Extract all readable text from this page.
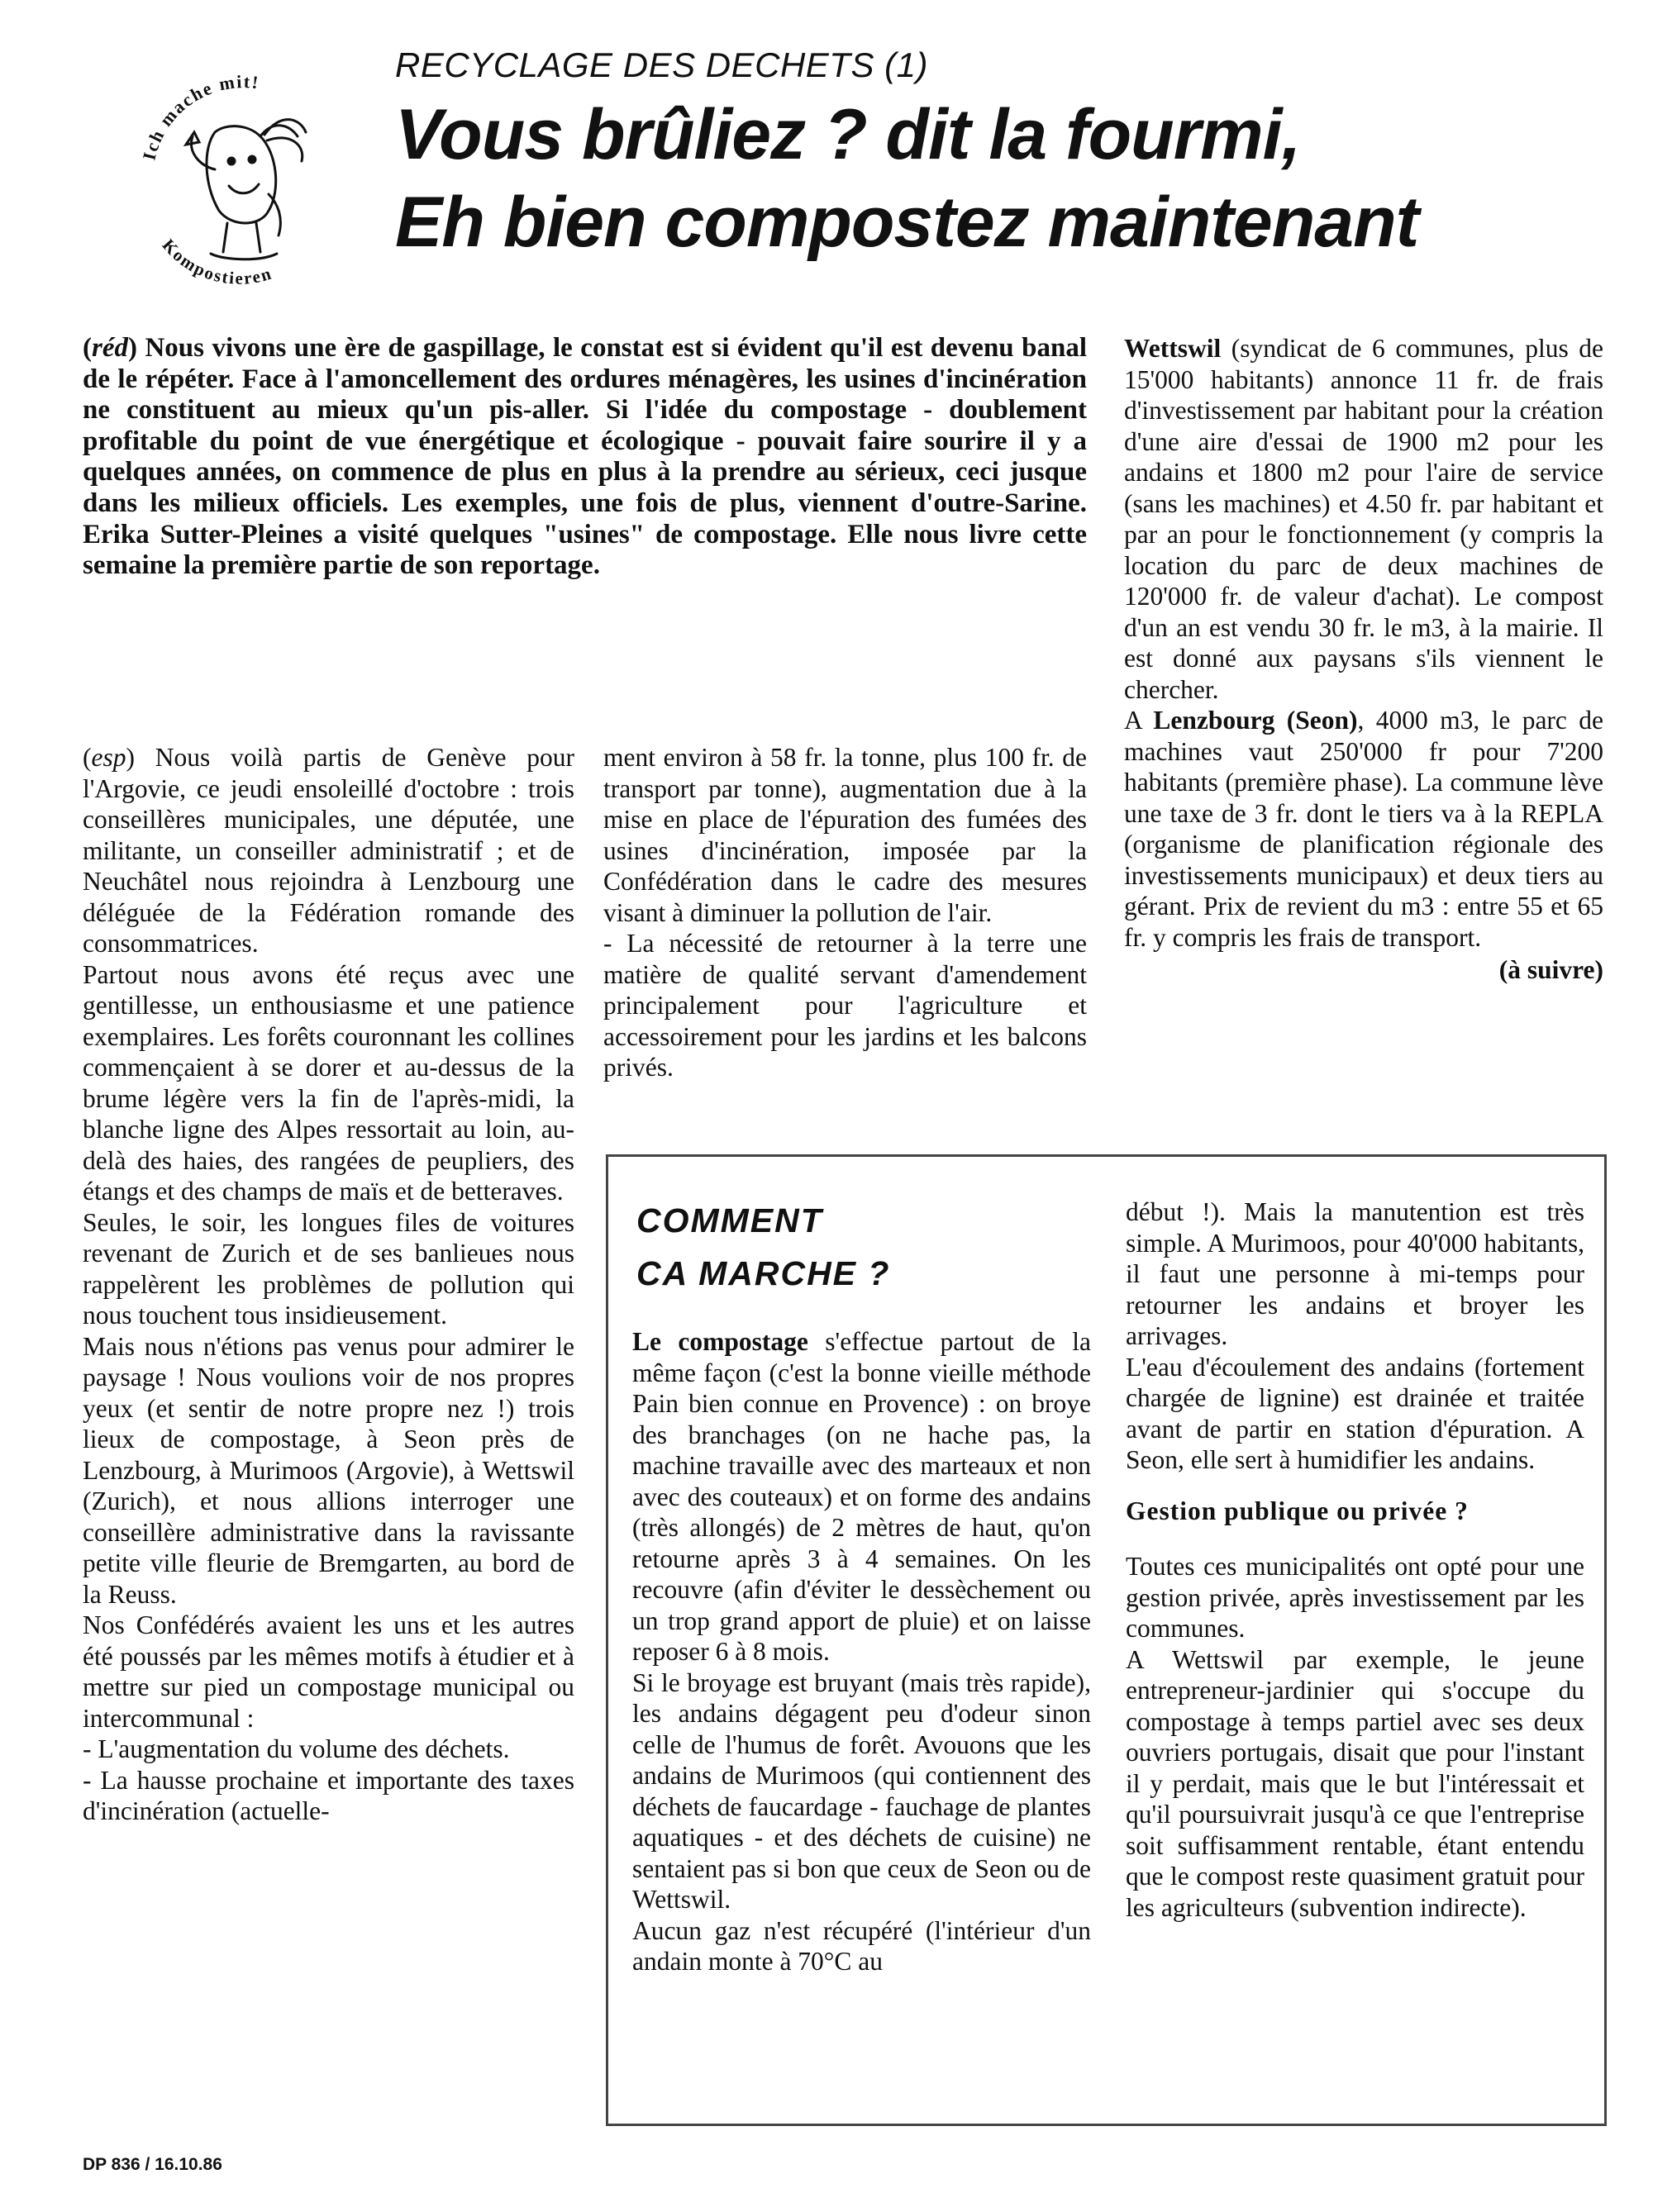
Ich mache mit!
Kompostieren
RECYCLAGE DES DECHETS (1)
Vous brûliez ? dit la fourmi,
Eh bien compostez maintenant

(réd) Nous vivons une ère de gaspillage, le constat est si évident qu'il est devenu banal de le répéter. Face à l'amoncellement des ordures ménagères, les usines d'incinération ne constituent au mieux qu'un pis-aller. Si l'idée du compostage - doublement profitable du point de vue énergétique et écologique - pouvait faire sourire il y a quelques années, on commence de plus en plus à la prendre au sérieux, ceci jusque dans les milieux officiels. Les exemples, une fois de plus, viennent d'outre-Sarine. Erika Sutter-Pleines a visité quelques "usines" de compostage. Elle nous livre cette semaine la première partie de son reportage.

(esp) Nous voilà partis de Genève pour l'Argovie, ce jeudi ensoleillé d'octobre : trois conseillères municipales, une députée, une militante, un conseiller administratif ; et de Neuchâtel nous rejoindra à Lenzbourg une déléguée de la Fédération romande des consommatrices.

Partout nous avons été reçus avec une gentillesse, un enthousiasme et une patience exemplaires. Les forêts couronnant les collines commençaient à se dorer et au-dessus de la brume légère vers la fin de l'après-midi, la blanche ligne des Alpes ressortait au loin, au-delà des haies, des rangées de peupliers, des étangs et des champs de maïs et de betteraves.

Seules, le soir, les longues files de voitures revenant de Zurich et de ses banlieues nous rappelèrent les problèmes de pollution qui nous touchent tous insidieusement.

Mais nous n'étions pas venus pour admirer le paysage ! Nous voulions voir de nos propres yeux (et sentir de notre propre nez !) trois lieux de compostage, à Seon près de Lenzbourg, à Murimoos (Argovie), à Wettswil (Zurich), et nous allions interroger une conseillère administrative dans la ravissante petite ville fleurie de Bremgarten, au bord de la Reuss.

Nos Confédérés avaient les uns et les autres été poussés par les mêmes motifs à étudier et à mettre sur pied un compostage municipal ou intercommunal :

- L'augmentation du volume des déchets.

- La hausse prochaine et importante des taxes d'incinération (actuelle-

ment environ à 58 fr. la tonne, plus 100 fr. de transport par tonne), augmentation due à la mise en place de l'épuration des fumées des usines d'incinération, imposée par la Confédération dans le cadre des mesures visant à diminuer la pollution de l'air.

- La nécessité de retourner à la terre une matière de qualité servant d'amendement principalement pour l'agriculture et accessoirement pour les jardins et les balcons privés.

Wettswil (syndicat de 6 communes, plus de 15'000 habitants) annonce 11 fr. de frais d'investissement par habitant pour la création d'une aire d'essai de 1900 m2 pour les andains et 1800 m2 pour l'aire de service (sans les machines) et 4.50 fr. par habitant et par an pour le fonctionnement (y compris la location du parc de deux machines de 120'000 fr. de valeur d'achat). Le compost d'un an est vendu 30 fr. le m3, à la mairie. Il est donné aux paysans s'ils viennent le chercher.

A Lenzbourg (Seon), 4000 m3, le parc de machines vaut 250'000 fr pour 7'200 habitants (première phase). La commune lève une taxe de 3 fr. dont le tiers va à la REPLA (organisme de planification régionale des investissements municipaux) et deux tiers au gérant. Prix de revient du m3 : entre 55 et 65 fr. y compris les frais de transport.

(à suivre)

COMMENT
CA MARCHE ?

Le compostage s'effectue partout de la même façon (c'est la bonne vieille méthode Pain bien connue en Provence) : on broye des branchages (on ne hache pas, la machine travaille avec des marteaux et non avec des couteaux) et on forme des andains (très allongés) de 2 mètres de haut, qu'on retourne après 3 à 4 semaines. On les recouvre (afin d'éviter le dessèchement ou un trop grand apport de pluie) et on laisse reposer 6 à 8 mois.

Si le broyage est bruyant (mais très rapide), les andains dégagent peu d'odeur sinon celle de l'humus de forêt. Avouons que les andains de Murimoos (qui contiennent des déchets de faucardage - fauchage de plantes aquatiques - et des déchets de cuisine) ne sentaient pas si bon que ceux de Seon ou de Wettswil.

Aucun gaz n'est récupéré (l'intérieur d'un andain monte à 70°C au

début !). Mais la manutention est très simple. A Murimoos, pour 40'000 habitants, il faut une personne à mi-temps pour retourner les andains et broyer les arrivages.

L'eau d'écoulement des andains (fortement chargée de lignine) est drainée et traitée avant de partir en station d'épuration. A Seon, elle sert à humidifier les andains.

Gestion publique ou privée ?

Toutes ces municipalités ont opté pour une gestion privée, après investissement par les communes.

A Wettswil par exemple, le jeune entrepreneur-jardinier qui s'occupe du compostage à temps partiel avec ses deux ouvriers portugais, disait que pour l'instant il y perdait, mais que le but l'intéressait et qu'il poursuivrait jusqu'à ce que l'entreprise soit suffisamment rentable, étant entendu que le compost reste quasiment gratuit pour les agriculteurs (subvention indirecte).

DP 836 / 16.10.86
